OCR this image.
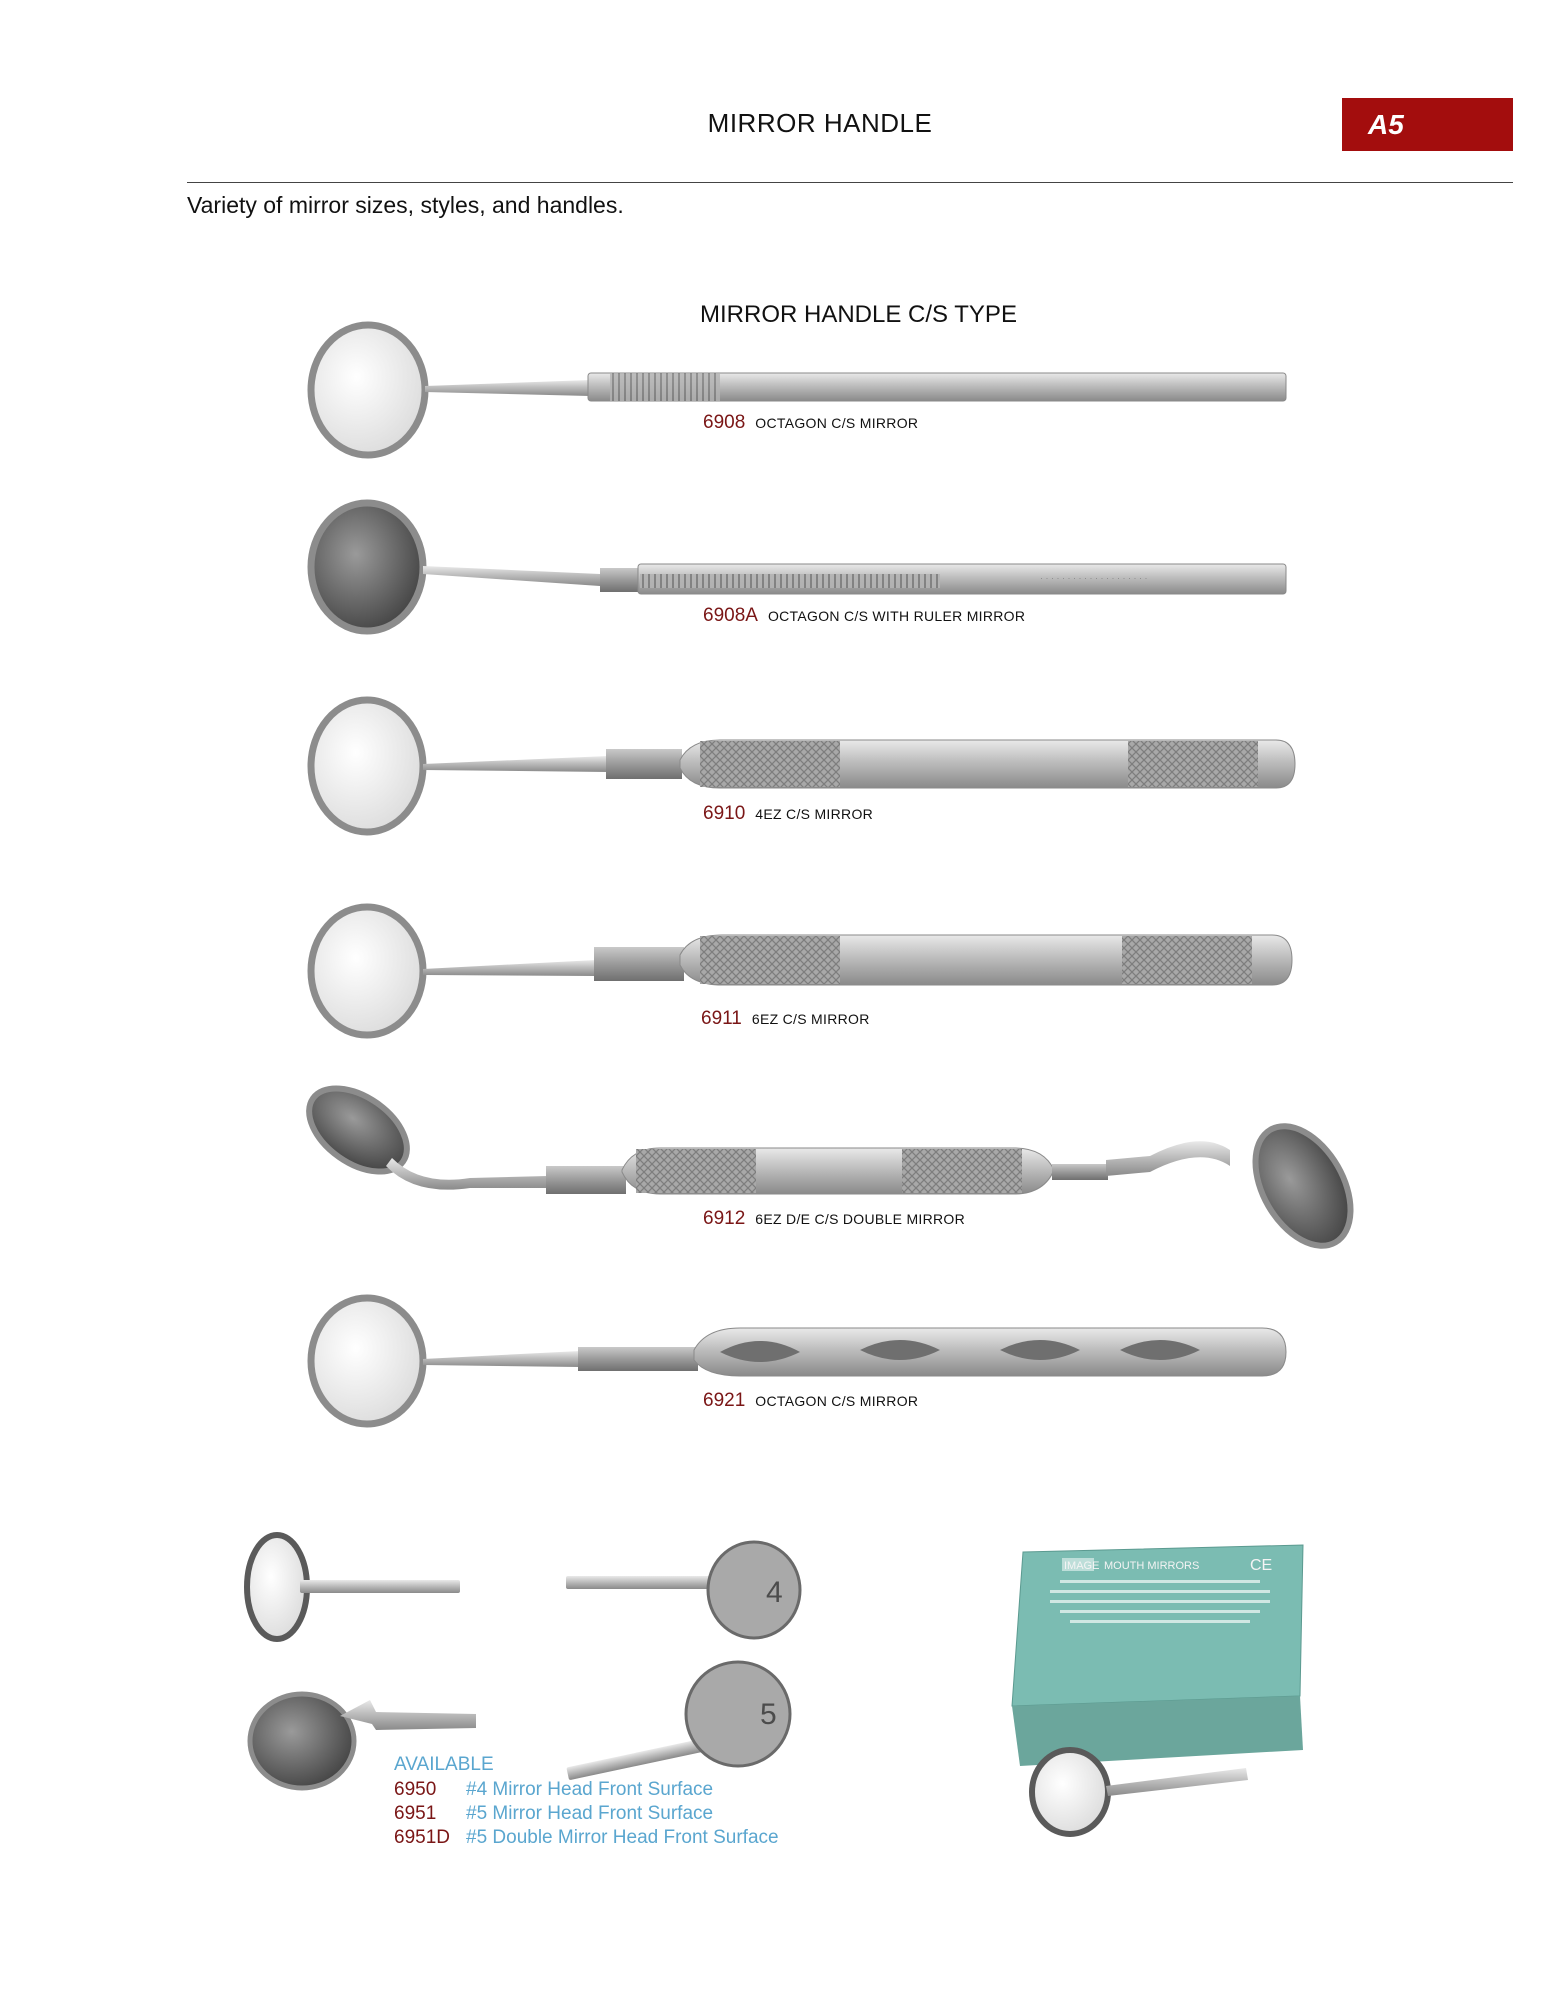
MIRROR HANDLE	A5
Variety of mirror sizes, styles, and handles.
MIRROR HANDLE C/S TYPE
· · · · · · · · · · · · · · · · · · · ·
4
5
IMAGE MOUTH MIRRORS	CE
6908 OCTAGON C/S MIRROR
6908A OCTAGON C/S WITH RULER MIRROR
6910 4EZ C/S MIRROR
6911 6EZ C/S MIRROR
6912 6EZ D/E C/S DOUBLE MIRROR
6921 OCTAGON C/S MIRROR
AVAILABLE
6950 #4 Mirror Head Front Surface
6951 #5 Mirror Head Front Surface
6951D #5 Double Mirror Head Front Surface
